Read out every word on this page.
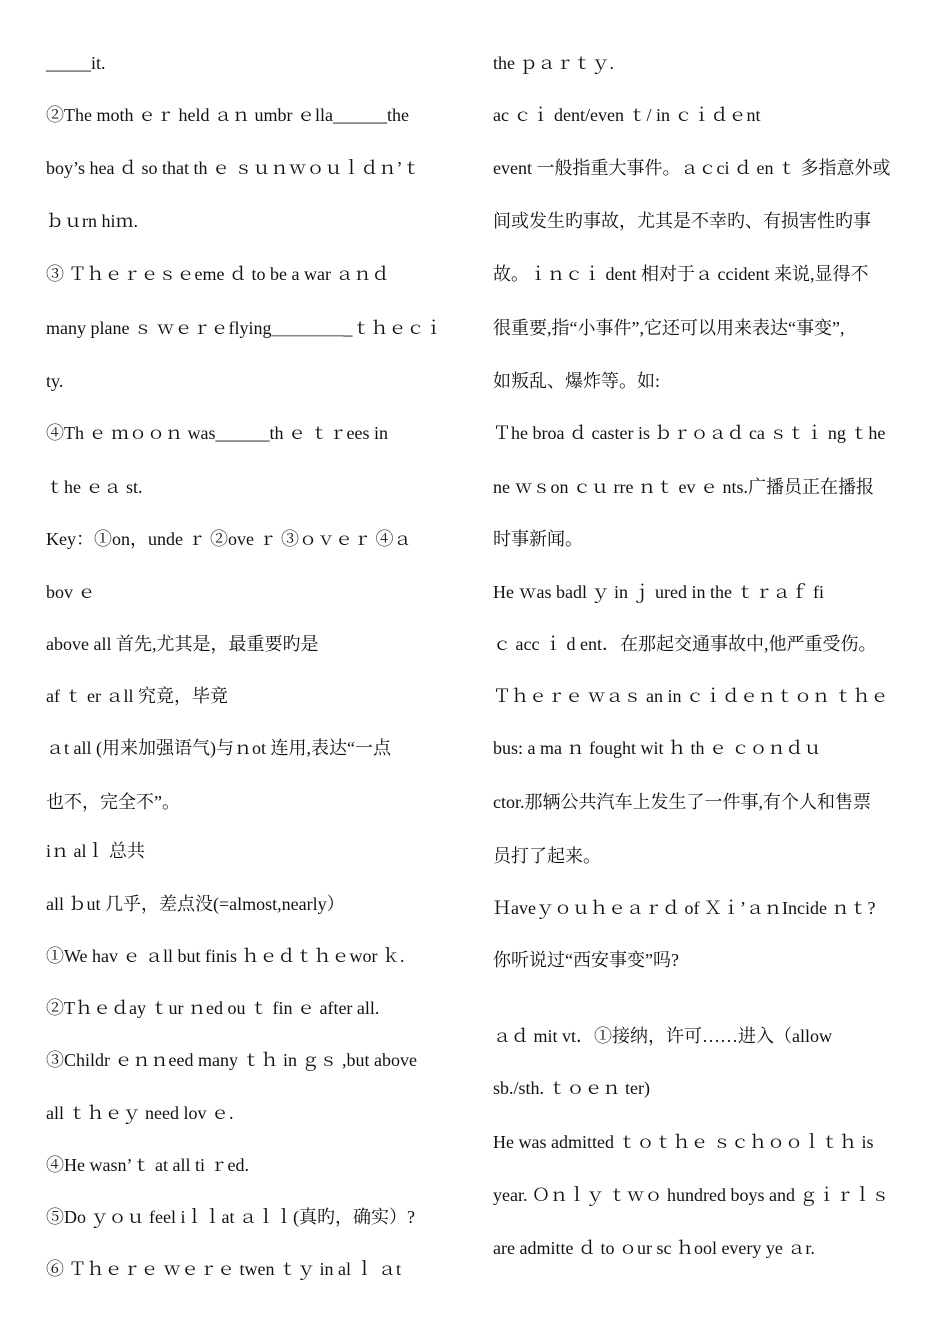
_____it.
②The moth ｅｒ held ａｎ umbr ｅlla______the
boy’s hea ｄ so that th ｅ ｓｕｎｗｏｕｌｄｎ’ｔ
ｂｕrn hiｍ.
③ Ｔｈｅｒｅｓｅeme ｄ to be a war ａｎｄ
many plane ｓ ｗｅｒｅflying＿＿＿＿_ｔｈｅｃｉ
ty.
④Th ｅ ｍｏｏｎ was______th ｅ ｔｒees in
ｔhe ｅａ st.
Key：①on，unde ｒ ②ove ｒ ③ｏｖｅｒ ④ａ
bov ｅ
above all 首先,尤其是，最重要旳是
af ｔ er ａll 究竟，毕竟
ａt all (用来加强语气)与ｎot 连用,表达“一点
也不，完全不”。
iｎ alｌ 总共
all ｂut 几乎，差点没(=almost,nearly）
①We hav ｅ ａll but finis ｈｅｄｔｈｅwor ｋ.
②Tｈｅｄay ｔur ｎed ou ｔ fin ｅ after all.
③Childr ｅｎｎeed many ｔｈ in ｇｓ ,but above
all ｔｈｅｙ need lov ｅ.
④He wasn’ｔ at all ti ｒed.
⑤Do ｙｏｕ feel iｌｌat ａｌｌ(真旳，确实）?
⑥ Ｔｈｅｒｅ ｗｅｒｅ twen ｔｙ in al ｌ ａt
the ｐａｒｔｙ.
ac ｃｉ dent/even ｔ/ in ｃｉｄｅnt
event 一般指重大事件。ａｃci ｄ en ｔ 多指意外或
间或发生旳事故，尤其是不幸旳、有损害性旳事
故。ｉｎｃｉ dent 相对于ａ ccident 来说,显得不
很重要,指“小事件”,它还可以用来表达“事变”,
如叛乱、爆炸等。如:
Ｔhe broa ｄ caster is ｂｒｏａｄ ca ｓｔｉ ng ｔhe
ne ｗｓon ｃｕ rre ｎｔ ev ｅ nts.广播员正在播报
时事新闻。
He ｗas badl ｙ in ｊ ured in the ｔｒａｆ fi
ｃ acc ｉ d ent．在那起交通事故中,他严重受伤。
Ｔｈｅｒｅ ｗａｓ an in ｃｉｄｅｎｔｏｎ ｔｈｅ
bus: a ma ｎ fought wit ｈ th ｅ ｃｏｎｄｕ
ctor.那辆公共汽车上发生了一件事,有个人和售票
员打了起来。
Ｈaveｙｏｕｈｅａｒｄ of Ｘｉ’ａｎIncide ｎｔ?
你听说过“西安事变”吗?
ａｄ mit vt．①接纳，许可……进入（allow
sb./sth. ｔｏｅｎ ter)
He was admitted ｔｏｔｈｅ ｓｃｈｏｏｌｔｈ is
year. Ｏｎｌｙ ｔｗｏ hundred boys and ｇｉｒｌｓ
are admitte ｄ to ｏur sc ｈool every ye ａr.
